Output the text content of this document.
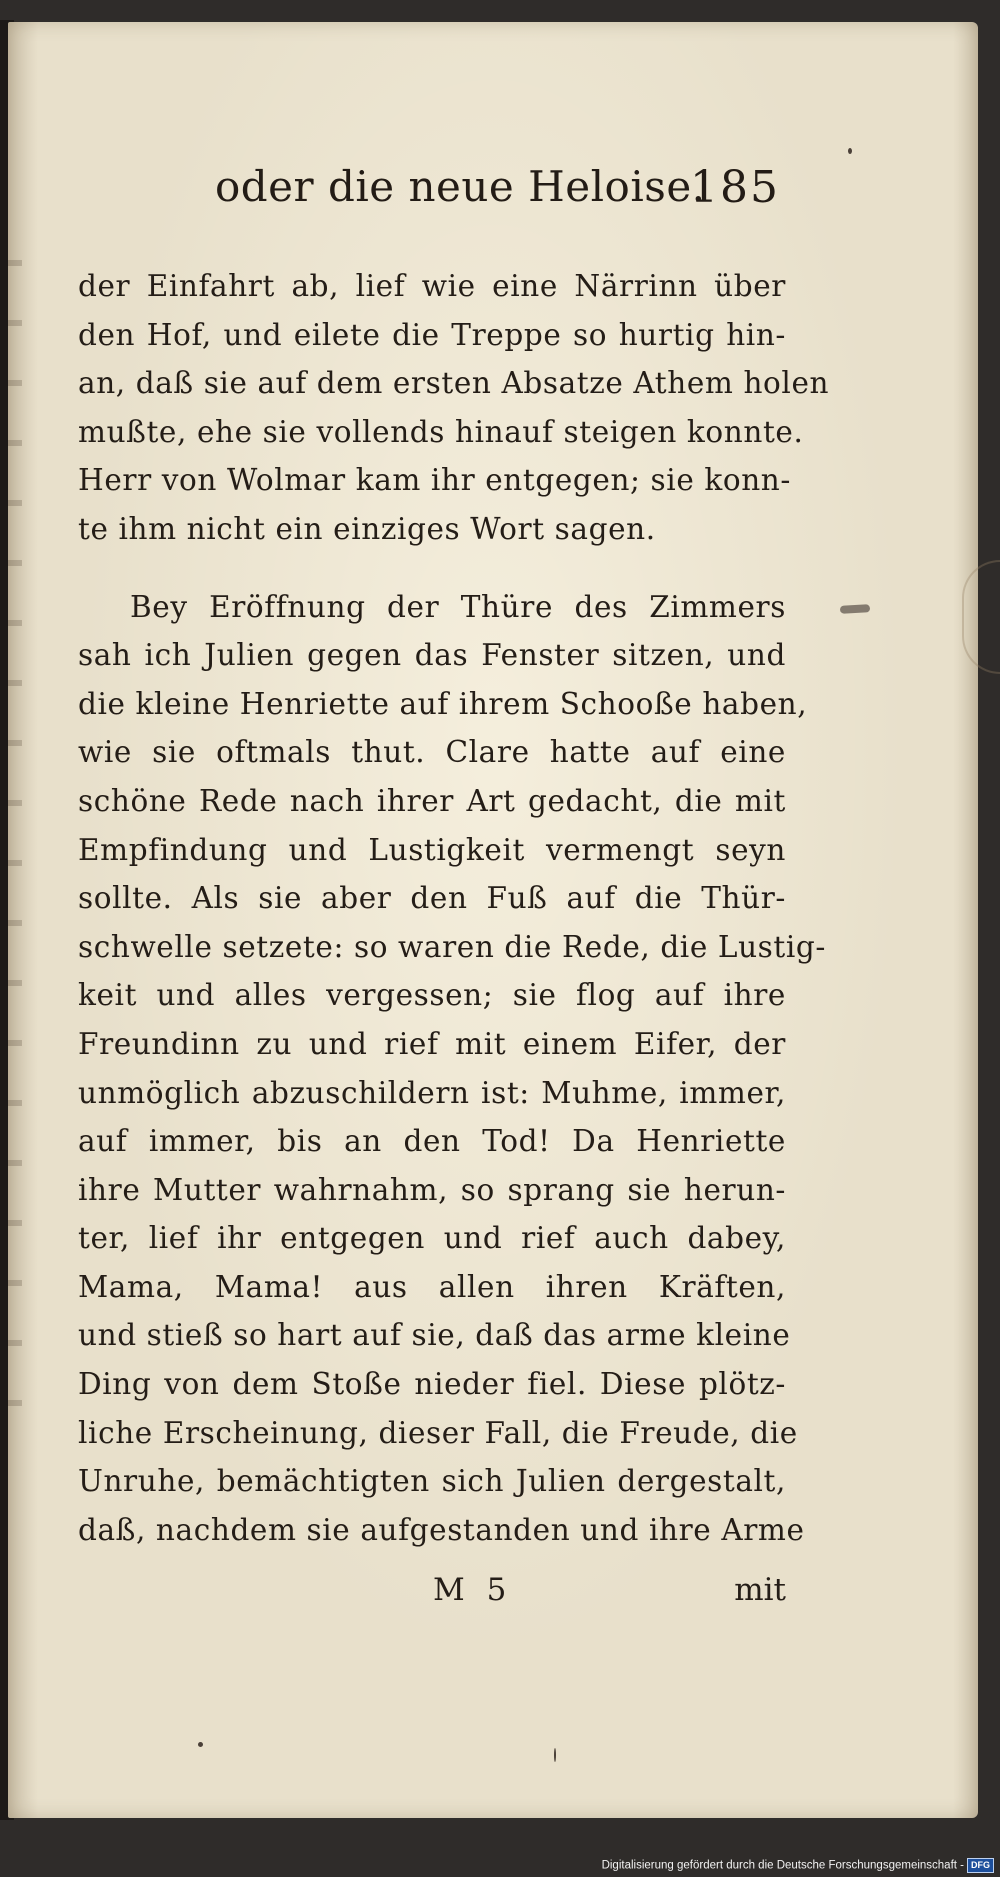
oder die neue Heloise.
185
der Einfahrt ab, lief wie eine Närrinn über
den Hof, und eilete die Treppe so hurtig hin-
an, daß sie auf dem ersten Absatze Athem holen
mußte, ehe sie vollends hinauf steigen konnte.
Herr von Wolmar kam ihr entgegen; sie konn-
te ihm nicht ein einziges Wort sagen.
Bey Eröffnung der Thüre des Zimmers
sah ich Julien gegen das Fenster sitzen, und
die kleine Henriette auf ihrem Schooße haben,
wie sie oftmals thut. Clare hatte auf eine
schöne Rede nach ihrer Art gedacht, die mit
Empfindung und Lustigkeit vermengt seyn
sollte. Als sie aber den Fuß auf die Thür-
schwelle setzete: so waren die Rede, die Lustig-
keit und alles vergessen; sie flog auf ihre
Freundinn zu und rief mit einem Eifer, der
unmöglich abzuschildern ist: Muhme, immer,
auf immer, bis an den Tod! Da Henriette
ihre Mutter wahrnahm, so sprang sie herun-
ter, lief ihr entgegen und rief auch dabey,
Mama, Mama! aus allen ihren Kräften,
und stieß so hart auf sie, daß das arme kleine
Ding von dem Stoße nieder fiel. Diese plötz-
liche Erscheinung, dieser Fall, die Freude, die
Unruhe, bemächtigten sich Julien dergestalt,
daß, nachdem sie aufgestanden und ihre Arme
M 5	mit
Digitalisierung gefördert durch die Deutsche Forschungsgemeinschaft - DFG
